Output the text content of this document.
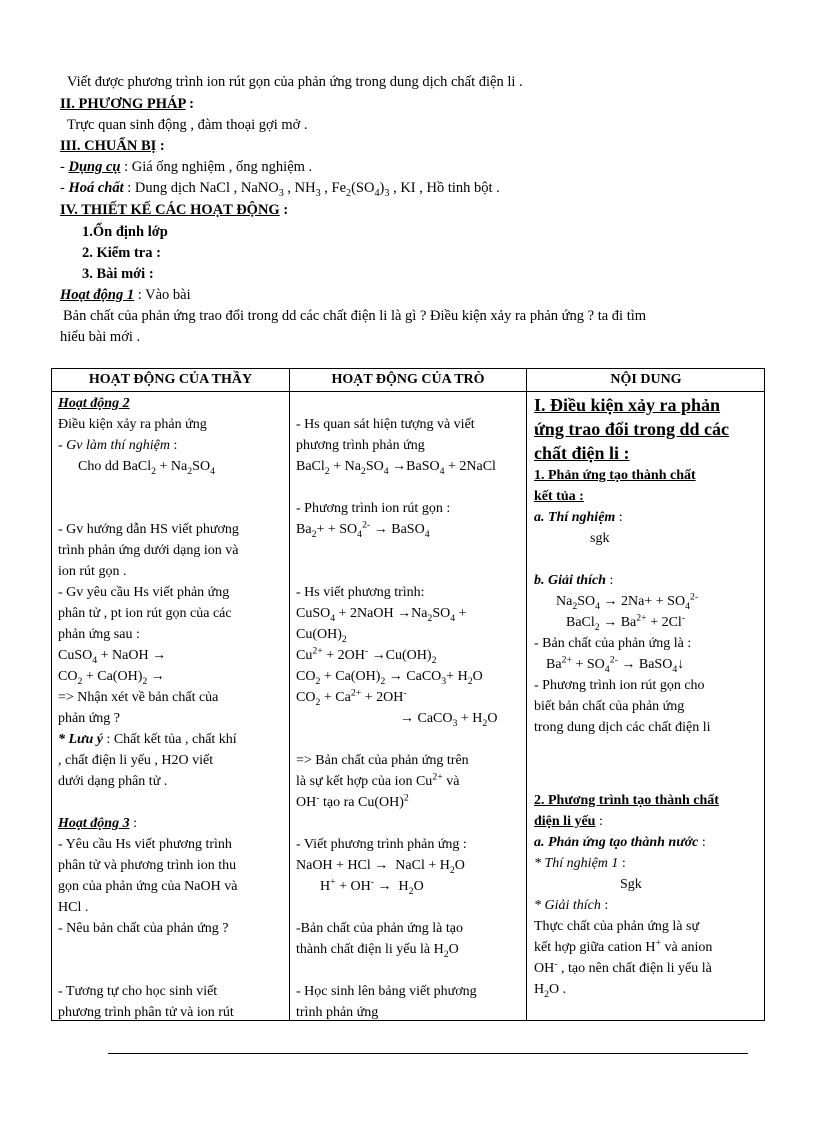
Viết được phương trình ion rút gọn của phản ứng trong dung dịch chất điện li .
II. PHƯƠNG PHÁP :
Trực quan sinh động , đàm thoại gợi mở .
III. CHUẨN BỊ :
- Dụng cụ : Giá ống nghiệm , ống nghiệm .
- Hoá chất : Dung dịch NaCl , NaNO$_3$ , $NH_3$ , $Fe_2(SO_4)_3$ , KI , Hồ tinh bột .
IV. THIẾT KẾ CÁC HOẠT ĐỘNG :
1.Ổn định lớp
2. Kiểm tra :
3. Bài mới :
Hoạt động 1 : Vào bài
Bản chất của phản ứng trao đổi trong dd các chất điện li là gì ? Điều kiện xảy ra phản ứng ? ta đi tìm
hiểu bài mới .
HOẠT ĐỘNG CỦA THẦY	HOẠT ĐỘNG CỦA TRÒ	NỘI DUNG
Hoạt động 2
Điều kiện xảy ra phản ứng
- Gv làm thí nghiệm :
Cho dd BaCl$_2$ + $Na_2SO_4$
- Gv hướng dẫn HS viết phương
trình phản ứng dưới dạng ion và
ion rút gọn .
- Gv yêu cầu Hs viết phản ứng
phân tử , pt ion rút gọn của các
phản ứng sau :
CuSO$_4$ + NaOH →
$CO_2 + Ca(OH)_2$ →
=> Nhận xét về bản chất của
phản ứng ?
* Lưu ý : Chất kết tủa , chất khí
, chất điện li yếu , H2O viết
dưới dạng phân tử .
Hoạt động 3 :
- Yêu cầu Hs viết phương trình
phân tử và phương trình ion thu
gọn của phản ứng của NaOH và
HCl .
- Nêu bản chất của phản ứng ?
- Tương tự cho học sinh viết
phương trình phân tử và ion rút
- Hs quan sát hiện tượng và viết
phương trình phản ứng
BaCl$_2$ + $Na_2SO_4$ →BaSO$_4$ + 2NaCl
- Phương trình ion rút gọn :
$Ba_2+ + SO_4^{2-}$ → BaSO$_4$
- Hs viết phương trình:
CuSO$_4$ + 2NaOH $\to Na_2SO_4$ +
$Cu(OH)_2$
$Cu^{2+} + 2OH^- \to Cu(OH)_2$
$CO_2 + Ca(OH)_2$ → CaCO$_3$+ $H_2O$
$CO_2 + Ca^{2+} + 2OH^-$
→ CaCO$_3$ + $H_2O$
=> Bản chất của phản ứng trên
là sự kết hợp của ion $Cu^{2+}$ và
OH- tạo ra Cu(OH)$^2$
- Viết phương trình phản ứng :
NaOH + HCl →  NaCl + $H_2O$
$H^+ + OH^- \to H_2O$
-Bản chất của phản ứng là tạo
thành chất điện li yếu là $H_2O$
- Học sinh lên bảng viết phương
trình phản ứng
I. Điều kiện xảy ra phản
ứng trao đổi trong dd các
chất điện li :
1. Phản ứng tạo thành chất
kết tủa :
a. Thí nghiệm :
sgk
b. Giải thích :
$Na_2SO_4 \to 2Na+ + SO_4^{2-}$
BaCl$_2$ → $Ba^{2+} + 2Cl^-$
- Bản chất của phản ứng là :
$Ba^{2+} + SO_4^{2-}$ → BaSO$_4$↓
- Phương trình ion rút gọn cho
biết bản chất của phản ứng
trong dung dịch các chất điện li
2. Phương trình tạo thành chất
điện li yếu :
a. Phản ứng tạo thành nước :
* Thí nghiệm 1 :
Sgk
* Giải thích :
Thực chất của phản ứng là sự
kết hợp giữa cation H+ và anion
OH- , tạo nên chất điện li yếu là
$H_2O$ .
